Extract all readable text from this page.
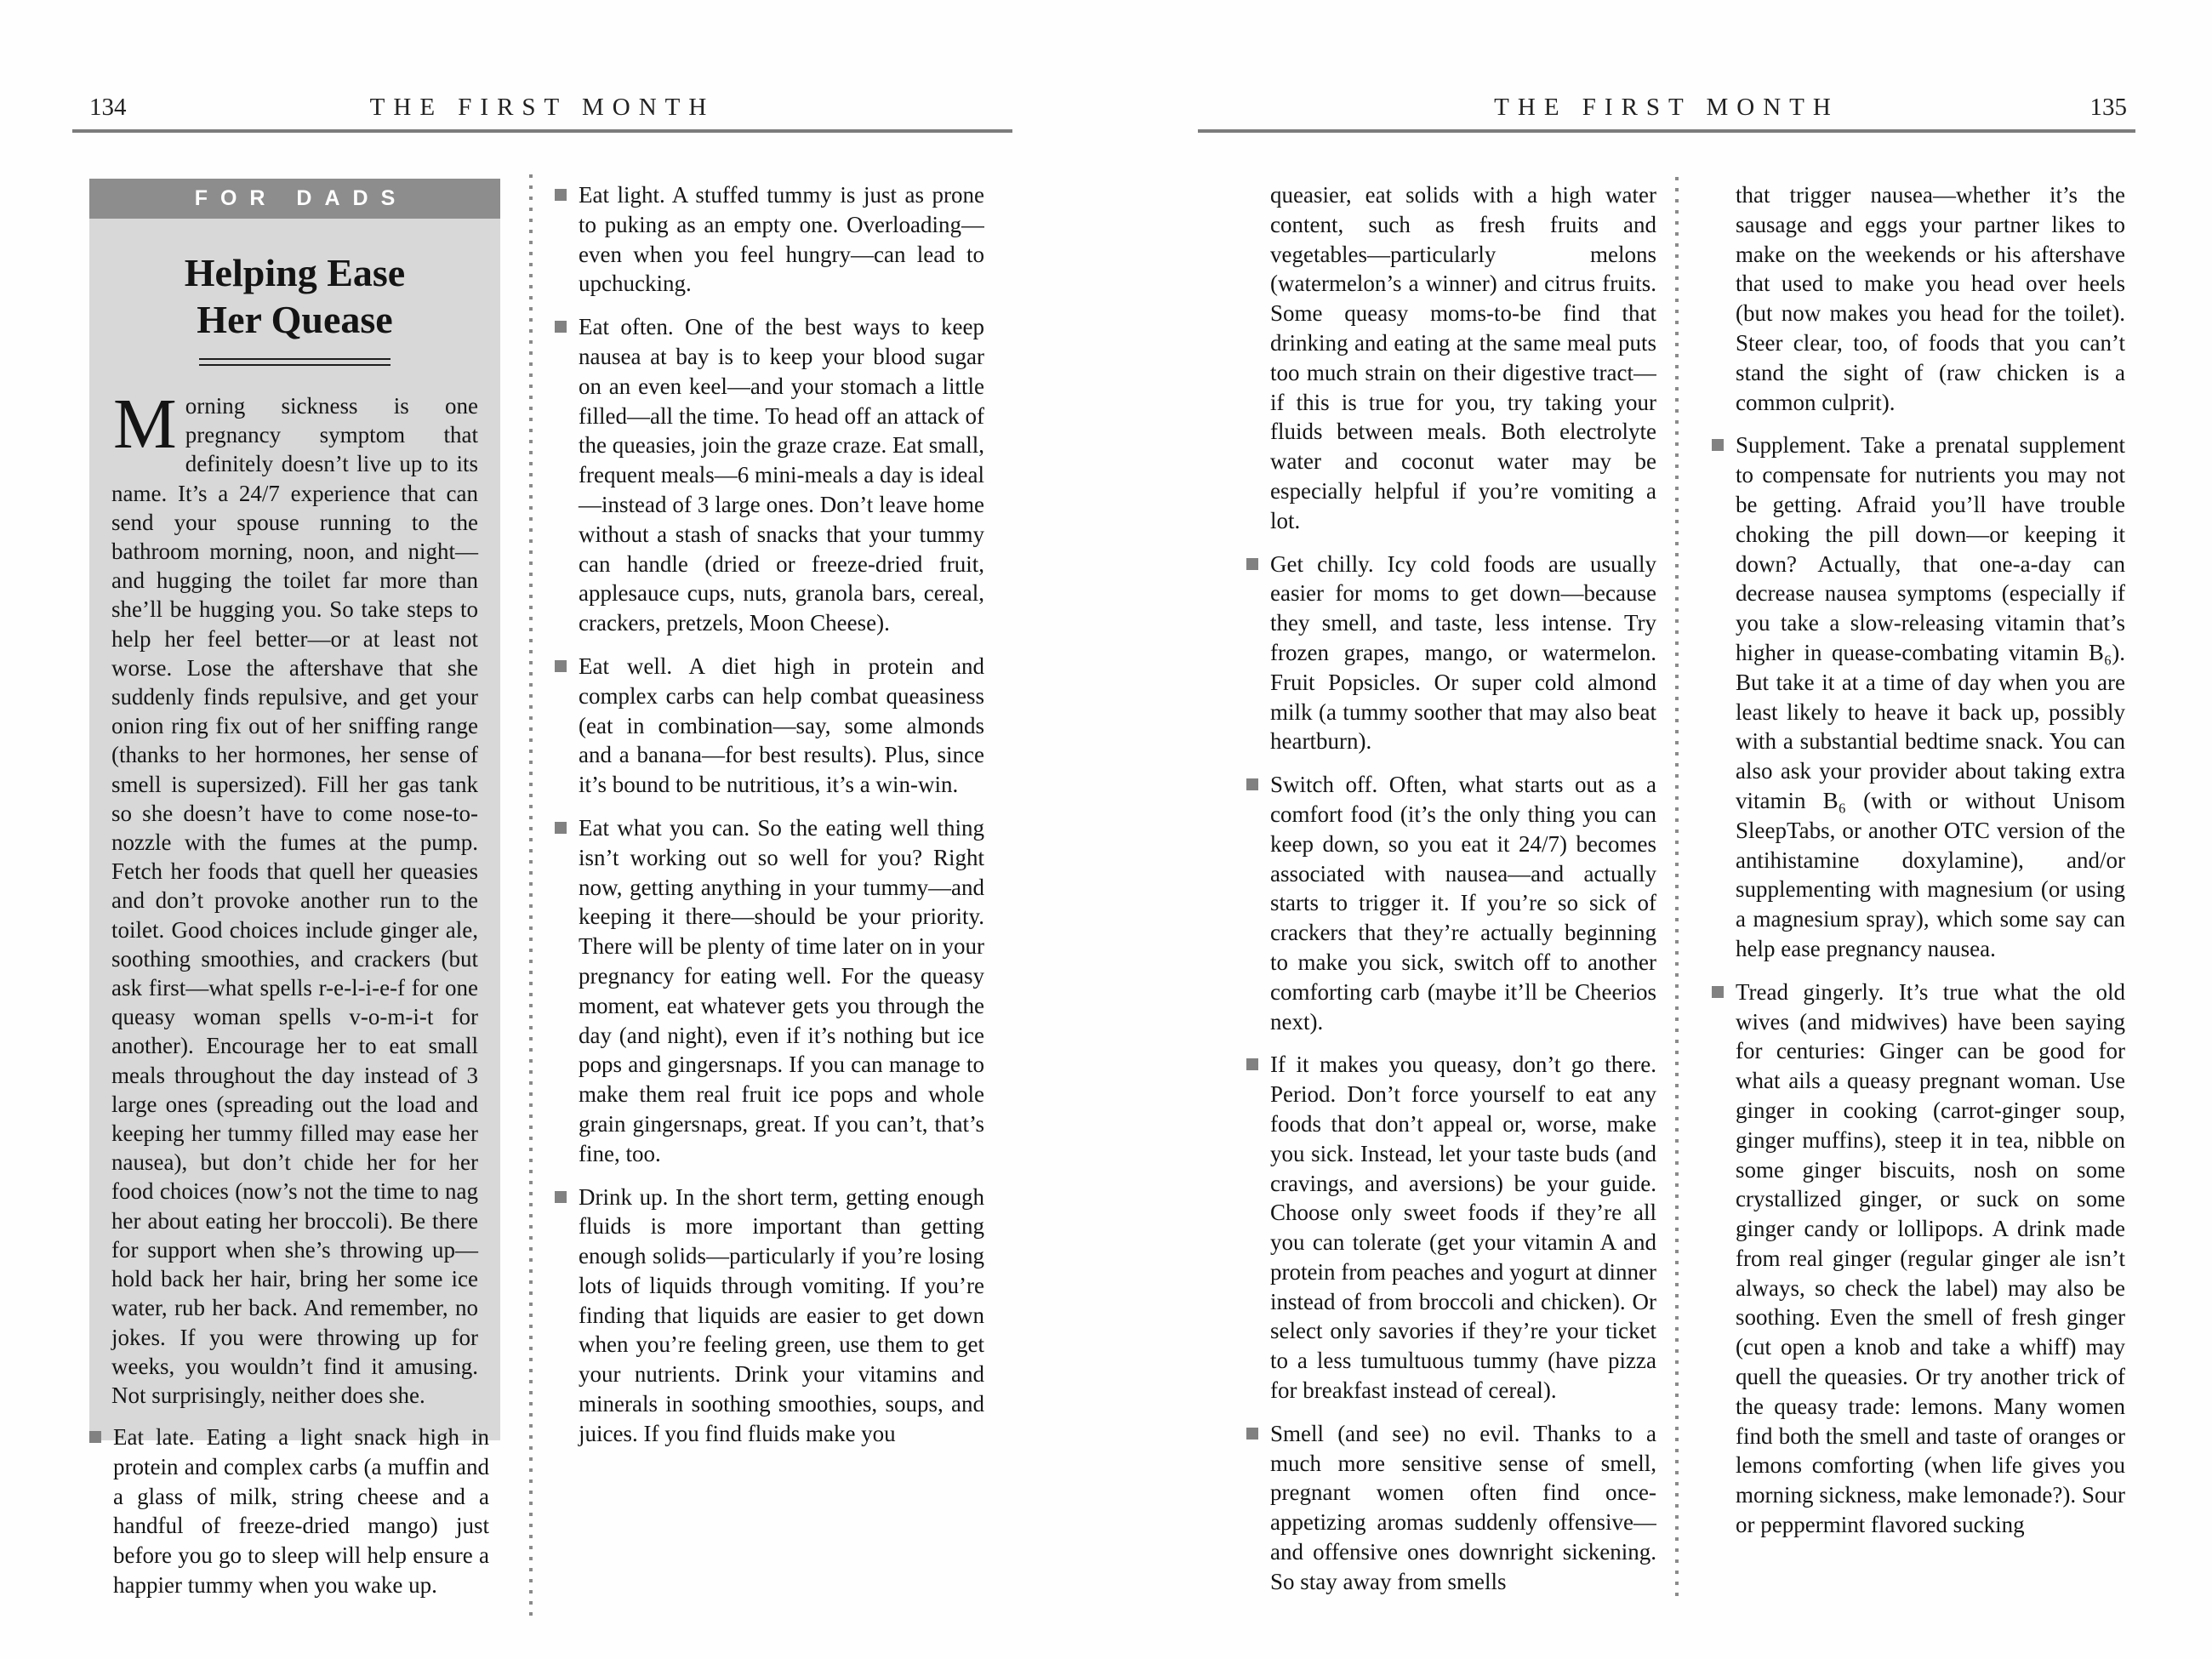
134	THE FIRST MONTH	THE FIRST MONTH	135
FOR DADS
Helping Ease
Her Quease

Morning sickness is one pregnancy symptom that definitely doesn’t live up to its name. It’s a 24/7 experience that can send your spouse running to the bathroom morning, noon, and night—and hugging the toilet far more than she’ll be hugging you. So take steps to help her feel better—or at least not worse. Lose the aftershave that she suddenly finds repulsive, and get your onion ring fix out of her sniffing range (thanks to her hormones, her sense of smell is supersized). Fill her gas tank so she doesn’t have to come nose-to-nozzle with the fumes at the pump. Fetch her foods that quell her queasies and don’t provoke another run to the toilet. Good choices include ginger ale, soothing smoothies, and crackers (but ask first—what spells r-e-l-i-e-f for one queasy woman spells v-o-m-i-t for another). Encourage her to eat small meals throughout the day instead of 3 large ones (spreading out the load and keeping her tummy filled may ease her nausea), but don’t chide her for her food choices (now’s not the time to nag her about eating her broccoli). Be there for support when she’s throwing up—hold back her hair, bring her some ice water, rub her back. And remember, no jokes. If you were throwing up for weeks, you wouldn’t find it amusing. Not surprisingly, neither does she.

Eat late. Eating a light snack high in protein and complex carbs (a muffin and a glass of milk, string cheese and a handful of freeze-dried mango) just before you go to sleep will help ensure a happier tummy when you wake up.
Eat light. A stuffed tummy is just as prone to puking as an empty one. Overloading—even when you feel hungry—can lead to upchucking.
Eat often. One of the best ways to keep nausea at bay is to keep your blood sugar on an even keel—and your stomach a little filled—all the time. To head off an attack of the queasies, join the graze craze. Eat small, frequent meals—6 mini-meals a day is ideal—instead of 3 large ones. Don’t leave home without a stash of snacks that your tummy can handle (dried or freeze-dried fruit, applesauce cups, nuts, granola bars, cereal, crackers, pretzels, Moon Cheese).
Eat well. A diet high in protein and complex carbs can help combat queasiness (eat in combination—say, some almonds and a banana—for best results). Plus, since it’s bound to be nutritious, it’s a win-win.
Eat what you can. So the eating well thing isn’t working out so well for you? Right now, getting anything in your tummy—and keeping it there—should be your priority. There will be plenty of time later on in your pregnancy for eating well. For the queasy moment, eat whatever gets you through the day (and night), even if it’s nothing but ice pops and gingersnaps. If you can manage to make them real fruit ice pops and whole grain gingersnaps, great. If you can’t, that’s fine, too.
Drink up. In the short term, getting enough fluids is more important than getting enough solids—particularly if you’re losing lots of liquids through vomiting. If you’re finding that liquids are easier to get down when you’re feeling green, use them to get your nutrients. Drink your vitamins and minerals in soothing smoothies, soups, and juices. If you find fluids make you

queasier, eat solids with a high water content, such as fresh fruits and vegetables—particularly melons (watermelon’s a winner) and citrus fruits. Some queasy moms-to-be find that drinking and eating at the same meal puts too much strain on their digestive tract—if this is true for you, try taking your fluids between meals. Both electrolyte water and coconut water may be especially helpful if you’re vomiting a lot.

Get chilly. Icy cold foods are usually easier for moms to get down—because they smell, and taste, less intense. Try frozen grapes, mango, or watermelon. Fruit Popsicles. Or super cold almond milk (a tummy soother that may also beat heartburn).
Switch off. Often, what starts out as a comfort food (it’s the only thing you can keep down, so you eat it 24/7) becomes associated with nausea—and actually starts to trigger it. If you’re so sick of crackers that they’re actually beginning to make you sick, switch off to another comforting carb (maybe it’ll be Cheerios next).
If it makes you queasy, don’t go there. Period. Don’t force yourself to eat any foods that don’t appeal or, worse, make you sick. Instead, let your taste buds (and cravings, and aversions) be your guide. Choose only sweet foods if they’re all you can tolerate (get your vitamin A and protein from peaches and yogurt at dinner instead of from broccoli and chicken). Or select only savories if they’re your ticket to a less tumultuous tummy (have pizza for breakfast instead of cereal).
Smell (and see) no evil. Thanks to a much more sensitive sense of smell, pregnant women often find once-appetizing aromas suddenly offensive—and offensive ones downright sickening. So stay away from smells

that trigger nausea—whether it’s the sausage and eggs your partner likes to make on the weekends or his aftershave that used to make you head over heels (but now makes you head for the toilet). Steer clear, too, of foods that you can’t stand the sight of (raw chicken is a common culprit).

Supplement. Take a prenatal supplement to compensate for nutrients you may not be getting. Afraid you’ll have trouble choking the pill down—or keeping it down? Actually, that one-a-day can decrease nausea symptoms (especially if you take a slow-releasing vitamin that’s higher in quease-combating vitamin B₆). But take it at a time of day when you are least likely to heave it back up, possibly with a substantial bedtime snack. You can also ask your provider about taking extra vitamin B₆ (with or without Unisom SleepTabs, or another OTC version of the antihistamine doxylamine), and/or supplementing with magnesium (or using a magnesium spray), which some say can help ease pregnancy nausea.
Tread gingerly. It’s true what the old wives (and midwives) have been saying for centuries: Ginger can be good for what ails a queasy pregnant woman. Use ginger in cooking (carrot-ginger soup, ginger muffins), steep it in tea, nibble on some ginger biscuits, nosh on some crystallized ginger, or suck on some ginger candy or lollipops. A drink made from real ginger (regular ginger ale isn’t always, so check the label) may also be soothing. Even the smell of fresh ginger (cut open a knob and take a whiff) may quell the queasies. Or try another trick of the queasy trade: lemons. Many women find both the smell and taste of oranges or lemons comforting (when life gives you morning sickness, make lemonade?). Sour or peppermint flavored sucking
